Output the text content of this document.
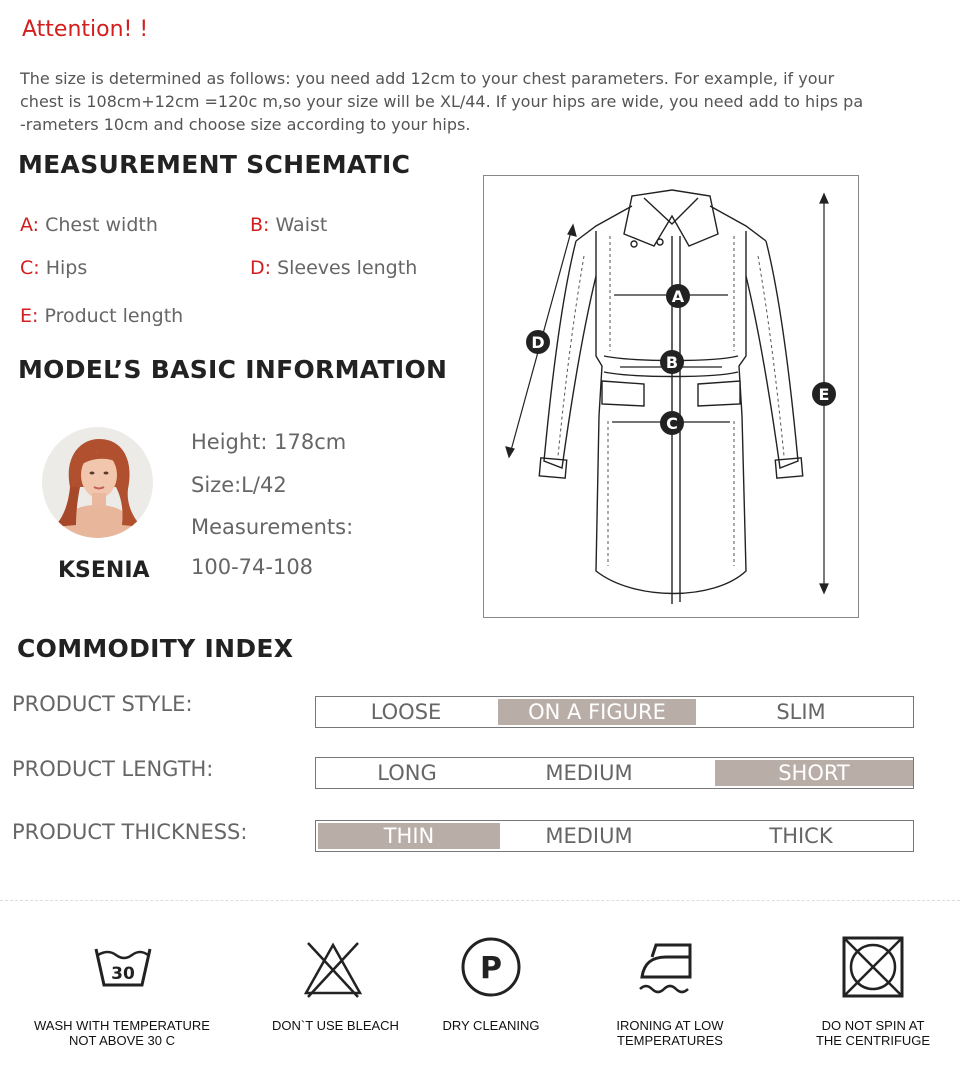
Attention! !
The size is determined as follows: you need add 12cm to your chest parameters. For example, if your
chest is 108cm+12cm =120c m,so your size will be XL/44. If your hips are wide, you need add to hips pa
-rameters 10cm and choose size according to your hips.
MEASUREMENT SCHEMATIC
A: Chest width	B: Waist
C: Hips	D: Sleeves length
E: Product length
MODEL’S BASIC INFORMATION
KSENIA
Height: 178cm
Size:L/42
Measurements:
100-74-108
A
B
C
D
E
COMMODITY INDEX
PRODUCT STYLE:	LOOSE	ON A FIGURE	SLIM
PRODUCT LENGTH:	LONG	MEDIUM	SHORT
PRODUCT THICKNESS:	THIN	MEDIUM	THICK
30	P
WASH WITH TEMPERATURE
NOT ABOVE 30 C
DON`T USE BLEACH	DRY CLEANING	IRONING AT LOW
TEMPERATURES
DO NOT SPIN AT
THE CENTRIFUGE
